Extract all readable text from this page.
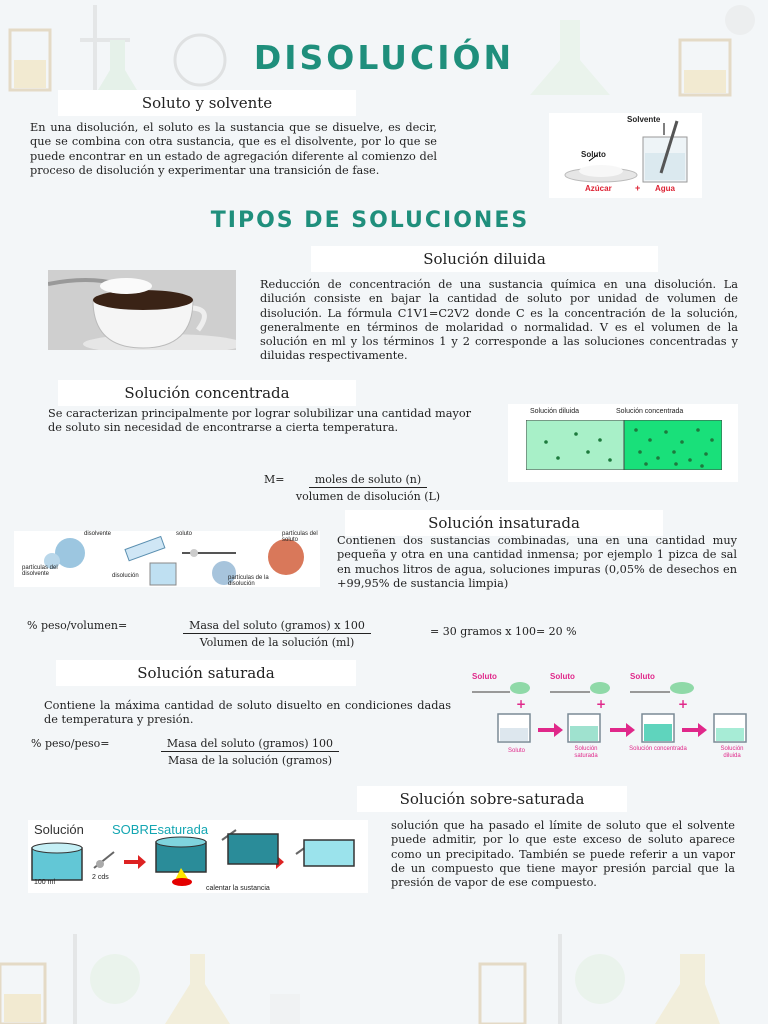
DISOLUCIÓN
Soluto y solvente
En una disolución, el soluto es la sustancia que se disuelve, es decir, que se combina con otra sustancia, que es el disolvente, por lo que se puede encontrar en un estado de agregación diferente al comienzo del proceso de disolución y experimentar una transición de fase.
Solvente
Soluto
Azúcar	+ Agua
TIPOS DE SOLUCIONES
Solución diluida
Reducción de concentración de una sustancia química en una disolución. La dilución consiste en bajar la cantidad de soluto por unidad de volumen de disolución. La fórmula C1V1=C2V2 donde C es la concentración de la solución, generalmente en términos de molaridad o normalidad. V es el volumen de la solución en ml y los términos 1 y 2 corresponde a las soluciones concentradas y diluidas respectivamente.
Solución concentrada
Se caracterizan principalmente por lograr solubilizar una cantidad mayor de soluto sin necesidad de encontrarse a cierta temperatura.
Solución diluida	Solución concentrada
M=	moles de soluto (n)
volumen de disolución (L)
Solución insaturada
disolvente	soluto	partículas del soluto
partículas del disolvente	disolución	partículas de la disolución
Contienen dos sustancias combinadas, una en una cantidad muy pequeña y otra en una cantidad inmensa; por ejemplo 1 pizca de sal en muchos litros de agua, soluciones impuras (0,05% de desechos en +99,95% de sustancia limpia)
% peso/volumen=	Masa del soluto (gramos) x 100
Volumen de la solución (ml)
= 30 gramos x 100= 20 %
Solución saturada
Contiene la máxima cantidad de soluto disuelto en condiciones dadas de temperatura y presión.
% peso/peso=	Masa del soluto (gramos) 100
Masa de la solución (gramos)
+	+	+
Soluto	Soluto	Soluto
Soluto	Solución saturada
Solución concentrada	Solución diluida
Solución sobre-saturada
Solución SOBREsaturada
100 ml
2 cds
calentar la sustancia
solución que ha pasado el límite de soluto que el solvente puede admitir, por lo que este exceso de soluto aparece como un precipitado. También se puede referir a un vapor de un compuesto que tiene mayor presión parcial que la presión de vapor de ese compuesto.
